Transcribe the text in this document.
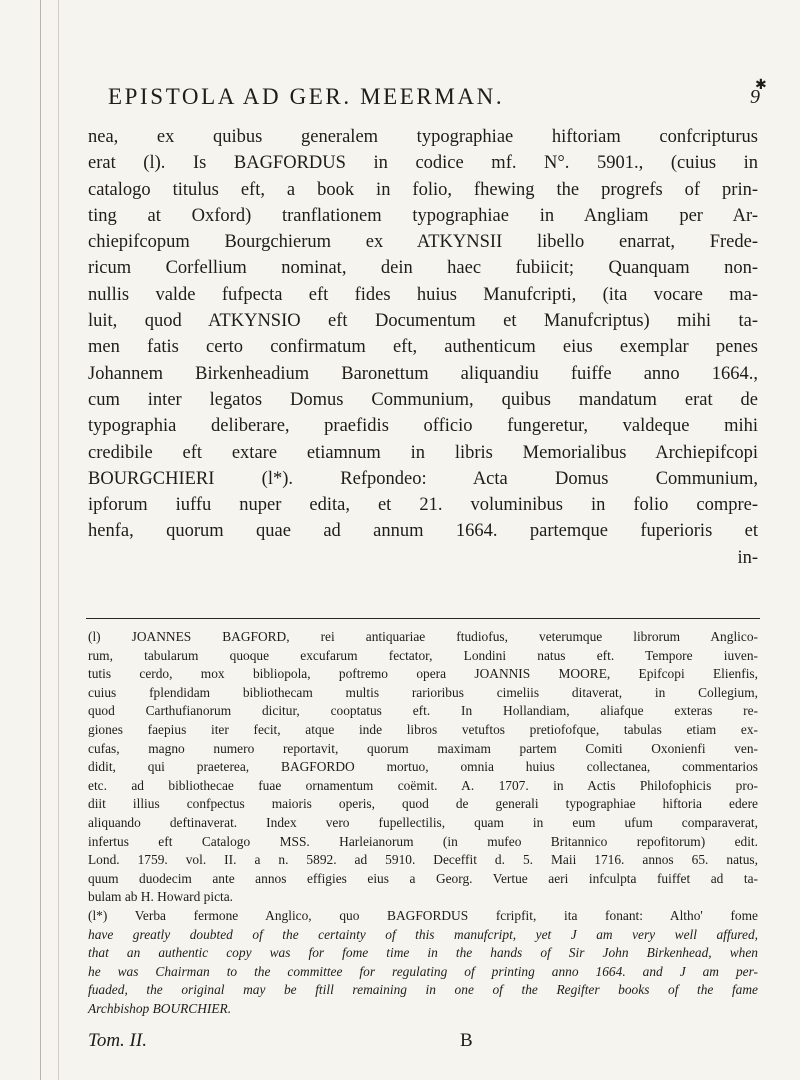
EPISTOLA AD GER. MEERMAN.	9
✱
nea, ex quibus generalem typographiae hiftoriam confcripturus
erat (l). Is BAGFORDUS in codice mf. N°. 5901., (cuius in
catalogo titulus eft, a book in folio, fhewing the progrefs of prin-
ting at Oxford) tranflationem typographiae in Angliam per Ar-
chiepifcopum Bourgchierum ex ATKYNSII libello enarrat, Frede-
ricum Corfellium nominat, dein haec fubiicit; Quanquam non-
nullis valde fufpecta eft fides huius Manufcripti, (ita vocare ma-
luit, quod ATKYNSIO eft Documentum et Manufcriptus) mihi ta-
men fatis certo confirmatum eft, authenticum eius exemplar penes
Johannem Birkenheadium Baronettum aliquandiu fuiffe anno 1664.,
cum inter legatos Domus Communium, quibus mandatum erat de
typographia deliberare, praefidis officio fungeretur, valdeque mihi
credibile eft extare etiamnum in libris Memorialibus Archiepifcopi
BOURGCHIERI (l*). Refpondeo: Acta Domus Communium,
ipforum iuffu nuper edita, et 21. voluminibus in folio compre-
henfa, quorum quae ad annum 1664. partemque fuperioris et
in-
(l) JOANNES BAGFORD, rei antiquariae ftudiofus, veterumque librorum Anglico-
rum, tabularum quoque excufarum fectator, Londini natus eft. Tempore iuven-
tutis cerdo, mox bibliopola, poftremo opera JOANNIS MOORE, Epifcopi Elienfis,
cuius fplendidam bibliothecam multis rarioribus cimeliis ditaverat, in Collegium,
quod Carthufianorum dicitur, cooptatus eft. In Hollandiam, aliafque exteras re-
giones faepius iter fecit, atque inde libros vetuftos pretiofofque, tabulas etiam ex-
cufas, magno numero reportavit, quorum maximam partem Comiti Oxonienfi ven-
didit, qui praeterea, BAGFORDO mortuo, omnia huius collectanea, commentarios
etc. ad bibliothecae fuae ornamentum coëmit. A. 1707. in Actis Philofophicis pro-
diit illius confpectus maioris operis, quod de generali typographiae hiftoria edere
aliquando deftinaverat. Index vero fupellectilis, quam in eum ufum comparaverat,
infertus eft Catalogo MSS. Harleianorum (in mufeo Britannico repofitorum) edit.
Lond. 1759. vol. II. a n. 5892. ad 5910. Deceffit d. 5. Maii 1716. annos 65. natus,
quum duodecim ante annos effigies eius a Georg. Vertue aeri infculpta fuiffet ad ta-
bulam ab H. Howard picta.
(l*) Verba fermone Anglico, quo BAGFORDUS fcripfit, ita fonant: Altho' fome
have greatly doubted of the certainty of this manufcript, yet J am very well affured,
that an authentic copy was for fome time in the hands of Sir John Birkenhead, when
he was Chairman to the committee for regulating of printing anno 1664. and J am per-
fuaded, the original may be ftill remaining in one of the Regifter books of the fame
Archbishop BOURCHIER.
Tom. II.	B
